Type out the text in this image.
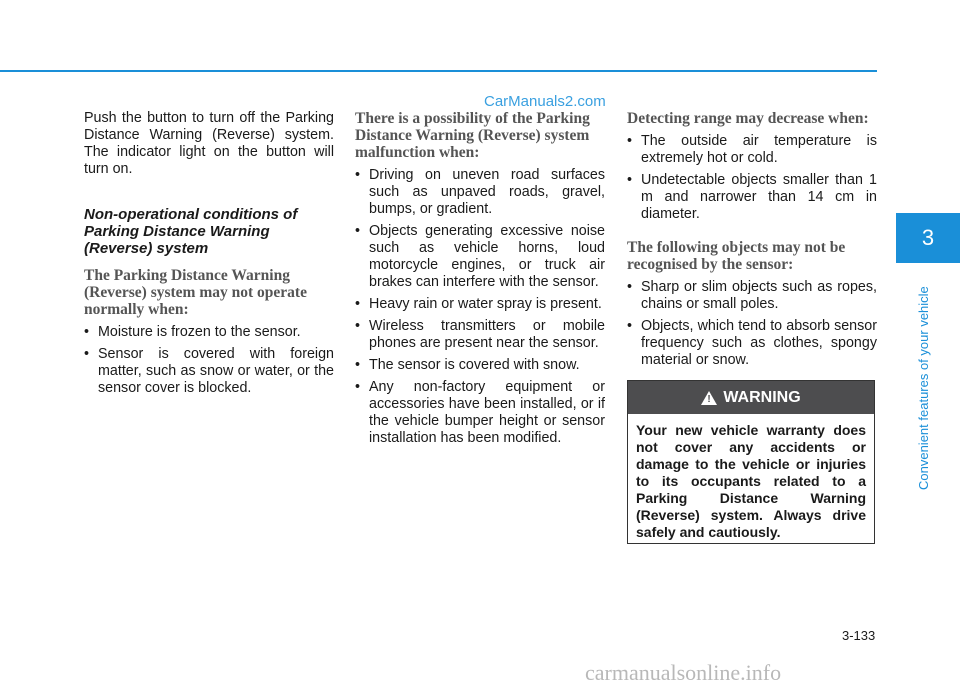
CarManuals2.com

Push the button to turn off the Parking Distance Warning (Reverse) system. The indicator light on the button will turn on.

Non-operational conditions of Parking Distance Warning (Reverse) system
The Parking Distance Warning (Reverse) system may not operate normally when:
• Moisture is frozen to the sensor.
• Sensor is covered with foreign matter, such as snow or water, or the sensor cover is blocked.
There is a possibility of the Parking Distance Warning (Reverse) system malfunction when:
• Driving on uneven road surfaces such as unpaved roads, gravel, bumps, or gradient.
• Objects generating excessive noise such as vehicle horns, loud motorcycle engines, or truck air brakes can interfere with the sensor.
• Heavy rain or water spray is present.
• Wireless transmitters or mobile phones are present near the sensor.
• The sensor is covered with snow.
• Any non-factory equipment or accessories have been installed, or if the vehicle bumper height or sensor installation has been modified.
Detecting range may decrease when:
• The outside air temperature is extremely hot or cold.
• Undetectable objects smaller than 1 m and narrower than 14 cm in diameter.
The following objects may not be recognised by the sensor:
• Sharp or slim objects such as ropes, chains or small poles.
• Objects, which tend to absorb sensor frequency such as clothes, spongy material or snow.
! WARNING
Your new vehicle warranty does not cover any accidents or damage to the vehicle or injuries to its occupants related to a Parking Distance Warning (Reverse) system. Always drive safely and cautiously.
3
Convenient features of your vehicle
3-133
carmanualsonline.info
